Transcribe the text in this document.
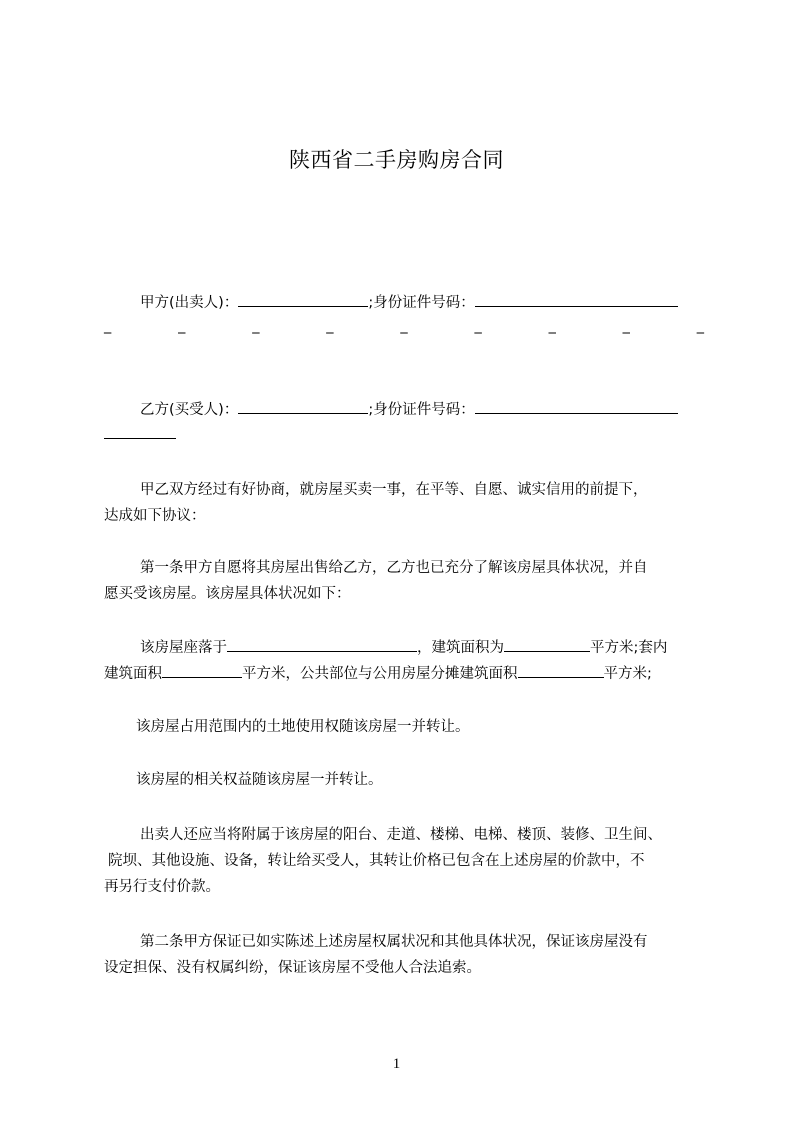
陕西省二手房购房合同
甲方(出卖人)：	;身份证件号码：
_	_	_	_	_	_	_	_	_
乙方(买受人)：	;身份证件号码：
甲乙双方经过有好协商，就房屋买卖一事，在平等、自愿、诚实信用的前提下，
达成如下协议：
第一条甲方自愿将其房屋出售给乙方，乙方也已充分了解该房屋具体状况，并自
愿买受该房屋。该房屋具体状况如下：
该房屋座落于	，建筑面积为	平方米;套内
建筑面积	平方米，公共部位与公用房屋分摊建筑面积	平方米;
该房屋占用范围内的土地使用权随该房屋一并转让。
该房屋的相关权益随该房屋一并转让。
出卖人还应当将附属于该房屋的阳台、走道、楼梯、电梯、楼顶、装修、卫生间、
院坝、其他设施、设备，转让给买受人，其转让价格已包含在上述房屋的价款中，不
再另行支付价款。
第二条甲方保证已如实陈述上述房屋权属状况和其他具体状况，保证该房屋没有
设定担保、没有权属纠纷，保证该房屋不受他人合法追索。
1
